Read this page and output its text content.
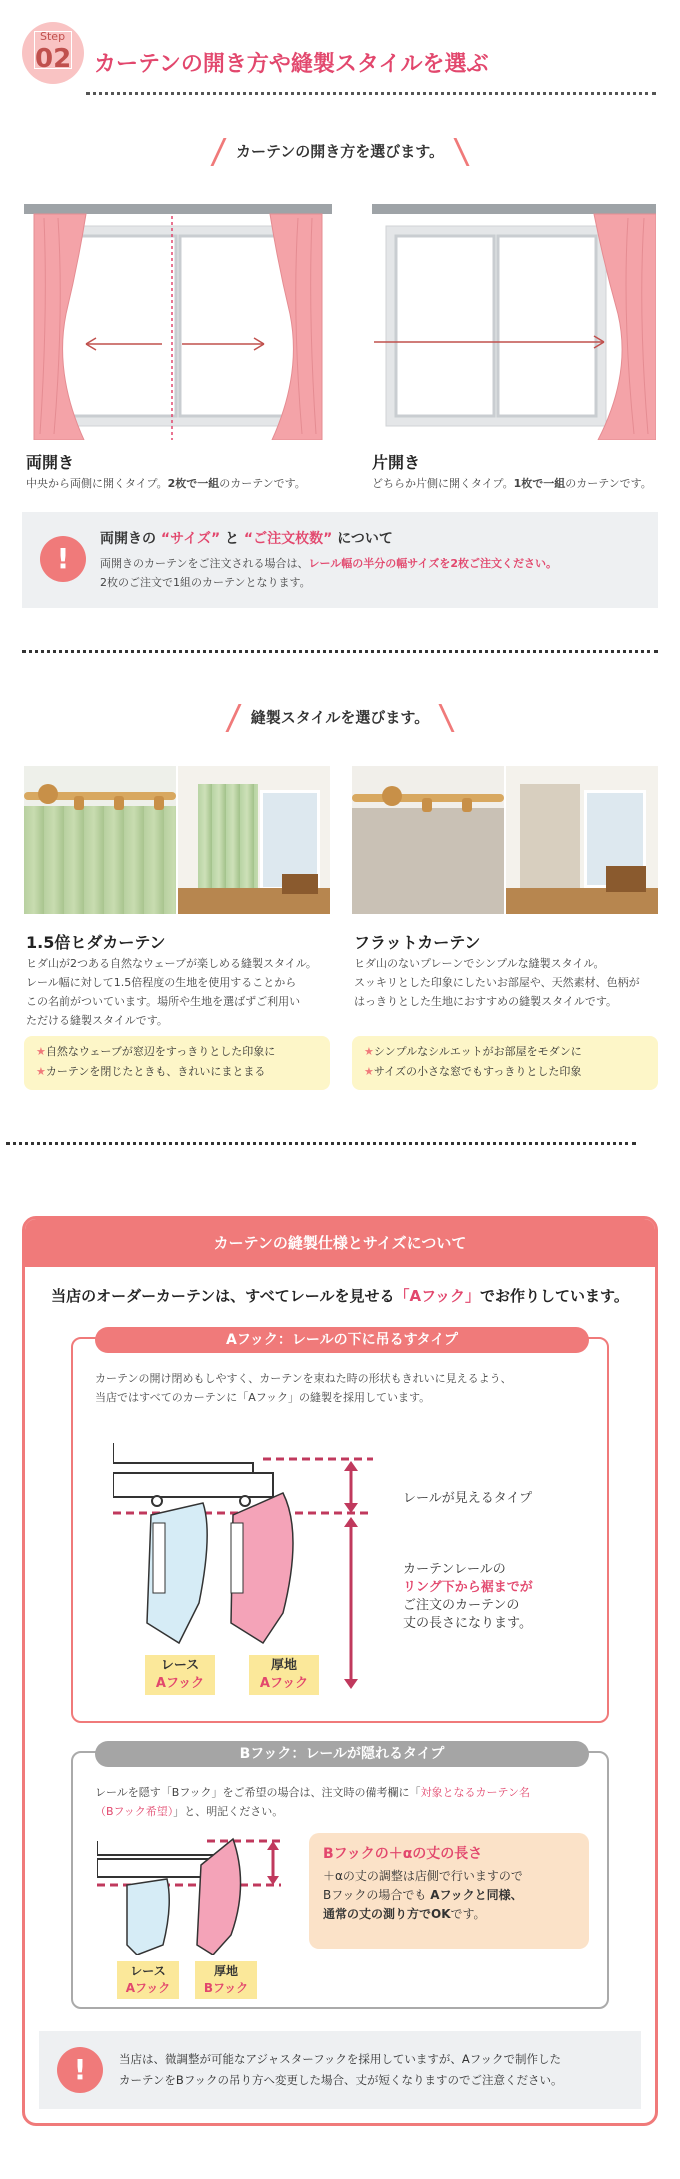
Step
02 カーテンの開き方や縫製スタイルを選ぶ
カーテンの開き方を選びます。
両開き
中央から両側に開くタイプ。2枚で一組のカーテンです。
片開き
どちらか片側に開くタイプ。1枚で一組のカーテンです。
!
両開きの “サイズ” と “ご注文枚数” について
両開きのカーテンをご注文される場合は、レール幅の半分の幅サイズを2枚ご注文ください。
2枚のご注文で1組のカーテンとなります。
縫製スタイルを選びます。
1.5倍ヒダカーテン
ヒダ山が2つある自然なウェーブが楽しめる縫製スタイル。
レール幅に対して1.5倍程度の生地を使用することから
この名前がついています。場所や生地を選ばずご利用い
ただける縫製スタイルです。
フラットカーテン
ヒダ山のないプレーンでシンプルな縫製スタイル。
スッキリとした印象にしたいお部屋や、天然素材、色柄が
はっきりとした生地におすすめの縫製スタイルです。
★自然なウェーブが窓辺をすっきりとした印象に
★カーテンを閉じたときも、きれいにまとまる
★シンプルなシルエットがお部屋をモダンに
★サイズの小さな窓でもすっきりとした印象
カーテンの縫製仕様とサイズについて
当店のオーダーカーテンは、すべてレールを見せる「Aフック」でお作りしています。
Aフック：レールの下に吊るすタイプ
カーテンの開け閉めもしやすく、カーテンを束ねた時の形状もきれいに見えるよう、
当店ではすべてのカーテンに「Aフック」の縫製を採用しています。
レールが見えるタイプ
カーテンレールの
リング下から裾までが
ご注文のカーテンの
丈の長さになります。
レース
Aフック
厚地
Aフック
Bフック：レールが隠れるタイプ
レールを隠す「Bフック」をご希望の場合は、注文時の備考欄に「対象となるカーテン名
（Bフック希望）」と、明記ください。
Bフックの＋αの丈の長さ
＋αの丈の調整は店側で行いますので
Bフックの場合でも Aフックと同様、
通常の丈の測り方でOKです。
レース
Aフック
厚地
Bフック
!	当店は、微調整が可能なアジャスターフックを採用していますが、Aフックで制作した
カーテンをBフックの吊り方へ変更した場合、丈が短くなりますのでご注意ください。
